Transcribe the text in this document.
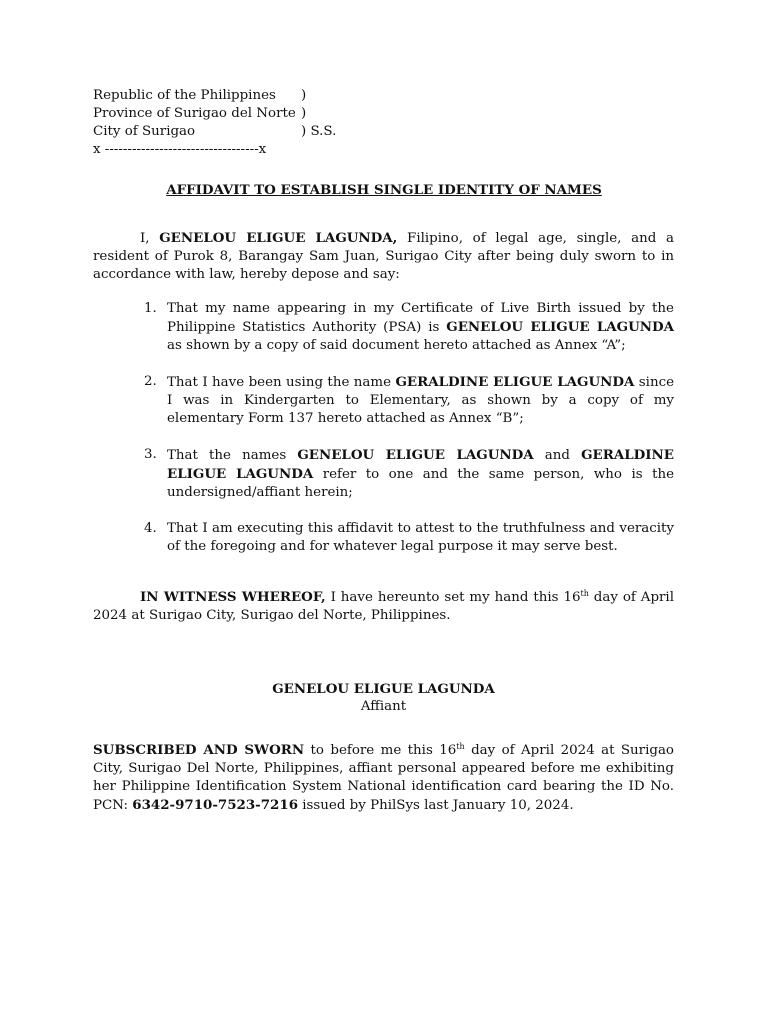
Republic of the Philippines )
Province of Surigao del Norte )
City of Surigao	) S.S.
x ----------------------------------x
AFFIDAVIT TO ESTABLISH SINGLE IDENTITY OF NAMES

I, GENELOU ELIGUE LAGUNDA, Filipino, of legal age, single, and a resident of Purok 8, Barangay Sam Juan, Surigao City after being duly sworn to in accordance with law, hereby depose and say:

1. That my name appearing in my Certificate of Live Birth issued by the Philippine Statistics Authority (PSA) is GENELOU ELIGUE LAGUNDA as shown by a copy of said document hereto attached as Annex “A”;
2. That I have been using the name GERALDINE ELIGUE LAGUNDA since I was in Kindergarten to Elementary, as shown by a copy of my elementary Form 137 hereto attached as Annex “B”;
3. That the names GENELOU ELIGUE LAGUNDA and GERALDINE ELIGUE LAGUNDA refer to one and the same person, who is the undersigned/affiant herein;
4. That I am executing this affidavit to attest to the truthfulness and veracity of the foregoing and for whatever legal purpose it may serve best.

IN WITNESS WHEREOF, I have hereunto set my hand this 16th day of April 2024 at Surigao City, Surigao del Norte, Philippines.

GENELOU ELIGUE LAGUNDA
Affiant

SUBSCRIBED AND SWORN to before me this 16th day of April 2024 at Surigao City, Surigao Del Norte, Philippines, affiant personal appeared before me exhibiting her Philippine Identification System National identification card bearing the ID No. PCN: 6342-9710-7523-7216 issued by PhilSys last January 10, 2024.
